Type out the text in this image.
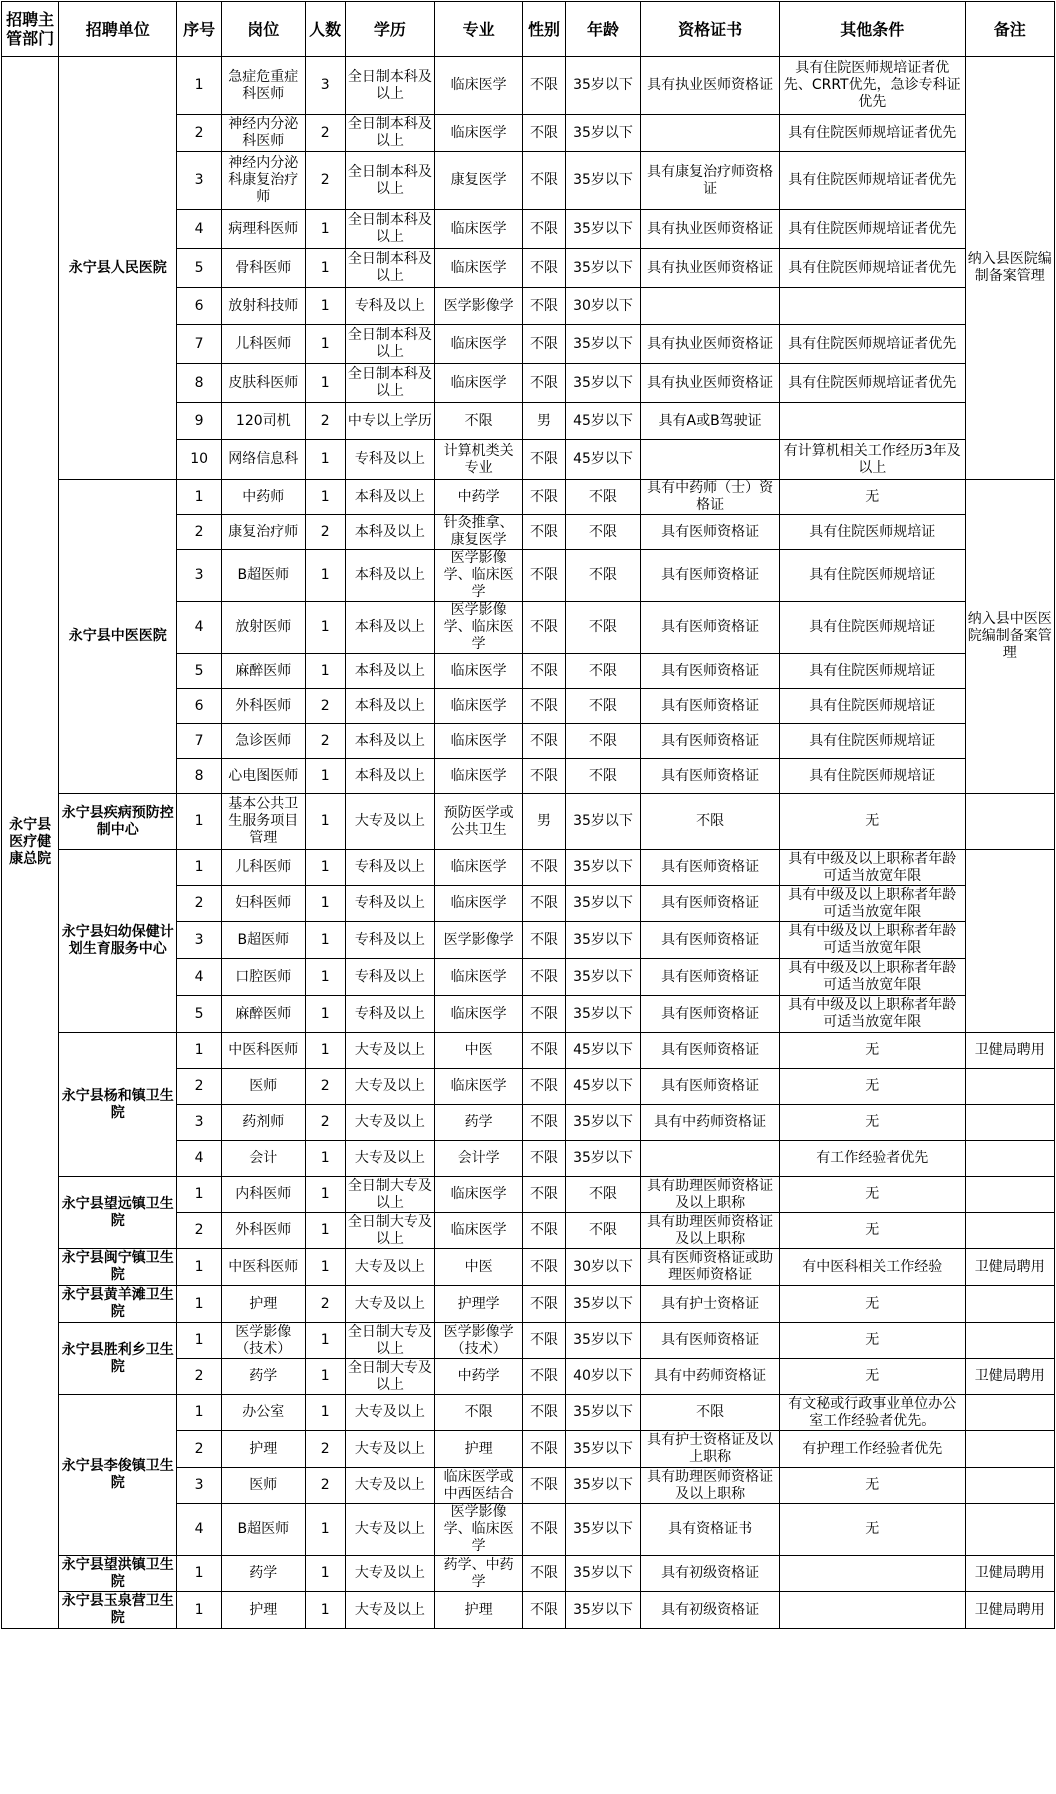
招聘主管部门	招聘单位	序号	岗位	人数	学历	专业	性别	年龄	资格证书	其他条件	备注
永宁县医疗健康总院	永宁县人民医院	1	急症危重症科医师	3	全日制本科及以上	临床医学	不限	35岁以下	具有执业医师资格证	具有住院医师规培证者优先、CRRT优先，急诊专科证优先	纳入县医院编制备案管理
		2	神经内分泌科医师	2	全日制本科及以上	临床医学	不限	35岁以下		具有住院医师规培证者优先	
		3	神经内分泌科康复治疗师	2	全日制本科及以上	康复医学	不限	35岁以下	具有康复治疗师资格证	具有住院医师规培证者优先	
		4	病理科医师	1	全日制本科及以上	临床医学	不限	35岁以下	具有执业医师资格证	具有住院医师规培证者优先	
		5	骨科医师	1	全日制本科及以上	临床医学	不限	35岁以下	具有执业医师资格证	具有住院医师规培证者优先	
		6	放射科技师	1	专科及以上	医学影像学	不限	30岁以下			
		7	儿科医师	1	全日制本科及以上	临床医学	不限	35岁以下	具有执业医师资格证	具有住院医师规培证者优先	
		8	皮肤科医师	1	全日制本科及以上	临床医学	不限	35岁以下	具有执业医师资格证	具有住院医师规培证者优先	
		9	120司机	2	中专以上学历	不限	男	45岁以下	具有A或B驾驶证		
		10	网络信息科	1	专科及以上	计算机类关专业	不限	45岁以下		有计算机相关工作经历3年及以上	
	永宁县中医医院	1	中药师	1	本科及以上	中药学	不限	不限	具有中药师（士）资格证	无	纳入县中医医院编制备案管理
		2	康复治疗师	2	本科及以上	针灸推拿、康复医学	不限	不限	具有医师资格证	具有住院医师规培证	
		3	B超医师	1	本科及以上	医学影像学、临床医学	不限	不限	具有医师资格证	具有住院医师规培证	
		4	放射医师	1	本科及以上	医学影像学、临床医学	不限	不限	具有医师资格证	具有住院医师规培证	
		5	麻醉医师	1	本科及以上	临床医学	不限	不限	具有医师资格证	具有住院医师规培证	
		6	外科医师	2	本科及以上	临床医学	不限	不限	具有医师资格证	具有住院医师规培证	
		7	急诊医师	2	本科及以上	临床医学	不限	不限	具有医师资格证	具有住院医师规培证	
		8	心电图医师	1	本科及以上	临床医学	不限	不限	具有医师资格证	具有住院医师规培证	
	永宁县疾病预防控制中心	1	基本公共卫生服务项目管理	1	大专及以上	预防医学或公共卫生	男	35岁以下	不限	无	
	永宁县妇幼保健计划生育服务中心	1	儿科医师	1	专科及以上	临床医学	不限	35岁以下	具有医师资格证	具有中级及以上职称者年龄可适当放宽年限	
		2	妇科医师	1	专科及以上	临床医学	不限	35岁以下	具有医师资格证	具有中级及以上职称者年龄可适当放宽年限	
		3	B超医师	1	专科及以上	医学影像学	不限	35岁以下	具有医师资格证	具有中级及以上职称者年龄可适当放宽年限	
		4	口腔医师	1	专科及以上	临床医学	不限	35岁以下	具有医师资格证	具有中级及以上职称者年龄可适当放宽年限	
		5	麻醉医师	1	专科及以上	临床医学	不限	35岁以下	具有医师资格证	具有中级及以上职称者年龄可适当放宽年限	
	永宁县杨和镇卫生院	1	中医科医师	1	大专及以上	中医	不限	45岁以下	具有医师资格证	无	卫健局聘用
		2	医师	2	大专及以上	临床医学	不限	45岁以下	具有医师资格证	无	
		3	药剂师	2	大专及以上	药学	不限	35岁以下	具有中药师资格证	无	
		4	会计	1	大专及以上	会计学	不限	35岁以下		有工作经验者优先	
	永宁县望远镇卫生院	1	内科医师	1	全日制大专及以上	临床医学	不限	不限	具有助理医师资格证及以上职称	无	
		2	外科医师	1	全日制大专及以上	临床医学	不限	不限	具有助理医师资格证及以上职称	无	
	永宁县闽宁镇卫生院	1	中医科医师	1	大专及以上	中医	不限	30岁以下	具有医师资格证或助理医师资格证	有中医科相关工作经验	卫健局聘用
	永宁县黄羊滩卫生院	1	护理	2	大专及以上	护理学	不限	35岁以下	具有护士资格证	无	
	永宁县胜利乡卫生院	1	医学影像（技术）	1	全日制大专及以上	医学影像学（技术）	不限	35岁以下	具有医师资格证	无	
		2	药学	1	全日制大专及以上	中药学	不限	40岁以下	具有中药师资格证	无	卫健局聘用
	永宁县李俊镇卫生院	1	办公室	1	大专及以上	不限	不限	35岁以下	不限	有文秘或行政事业单位办公室工作经验者优先。	
		2	护理	2	大专及以上	护理	不限	35岁以下	具有护士资格证及以上职称	有护理工作经验者优先	
		3	医师	2	大专及以上	临床医学或中西医结合	不限	35岁以下	具有助理医师资格证及以上职称	无	
		4	B超医师	1	大专及以上	医学影像学、临床医学	不限	35岁以下	具有资格证书	无	
	永宁县望洪镇卫生院	1	药学	1	大专及以上	药学、中药学	不限	35岁以下	具有初级资格证		卫健局聘用
	永宁县玉泉营卫生院	1	护理	1	大专及以上	护理	不限	35岁以下	具有初级资格证		卫健局聘用
